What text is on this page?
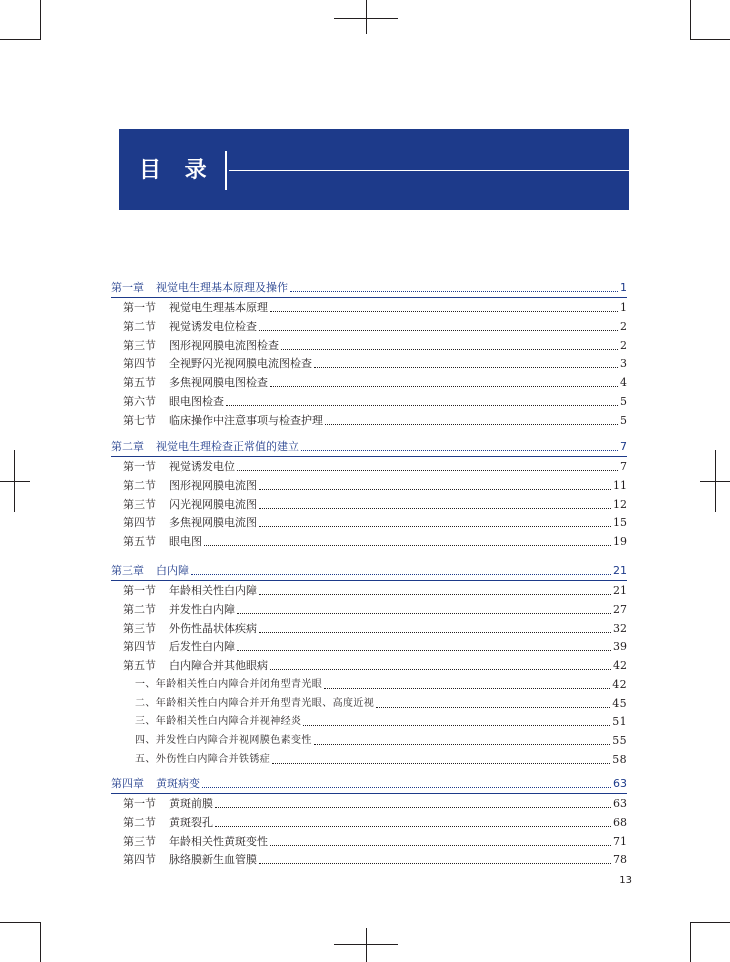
目 录
第一章 视觉电生理基本原理及操作	1
第一节	视觉电生理基本原理	1
第二节	视觉诱发电位检查	2
第三节	图形视网膜电流图检查	2
第四节	全视野闪光视网膜电流图检查	3
第五节	多焦视网膜电图检查	4
第六节	眼电图检查	5
第七节	临床操作中注意事项与检查护理	5
第二章 视觉电生理检查正常值的建立	7
第一节	视觉诱发电位	7
第二节	图形视网膜电流图	11
第三节	闪光视网膜电流图	12
第四节	多焦视网膜电流图	15
第五节	眼电图	19
第三章 白内障	21
第一节	年龄相关性白内障	21
第二节	并发性白内障	27
第三节	外伤性晶状体疾病	32
第四节	后发性白内障	39
第五节	白内障合并其他眼病	42
一、年龄相关性白内障合并闭角型青光眼	42
二、年龄相关性白内障合并开角型青光眼、高度近视	45
三、年龄相关性白内障合并视神经炎	51
四、并发性白内障合并视网膜色素变性	55
五、外伤性白内障合并铁锈症	58
第四章 黄斑病变	63
第一节	黄斑前膜	63
第二节	黄斑裂孔	68
第三节	年龄相关性黄斑变性	71
第四节	脉络膜新生血管膜	78
13
